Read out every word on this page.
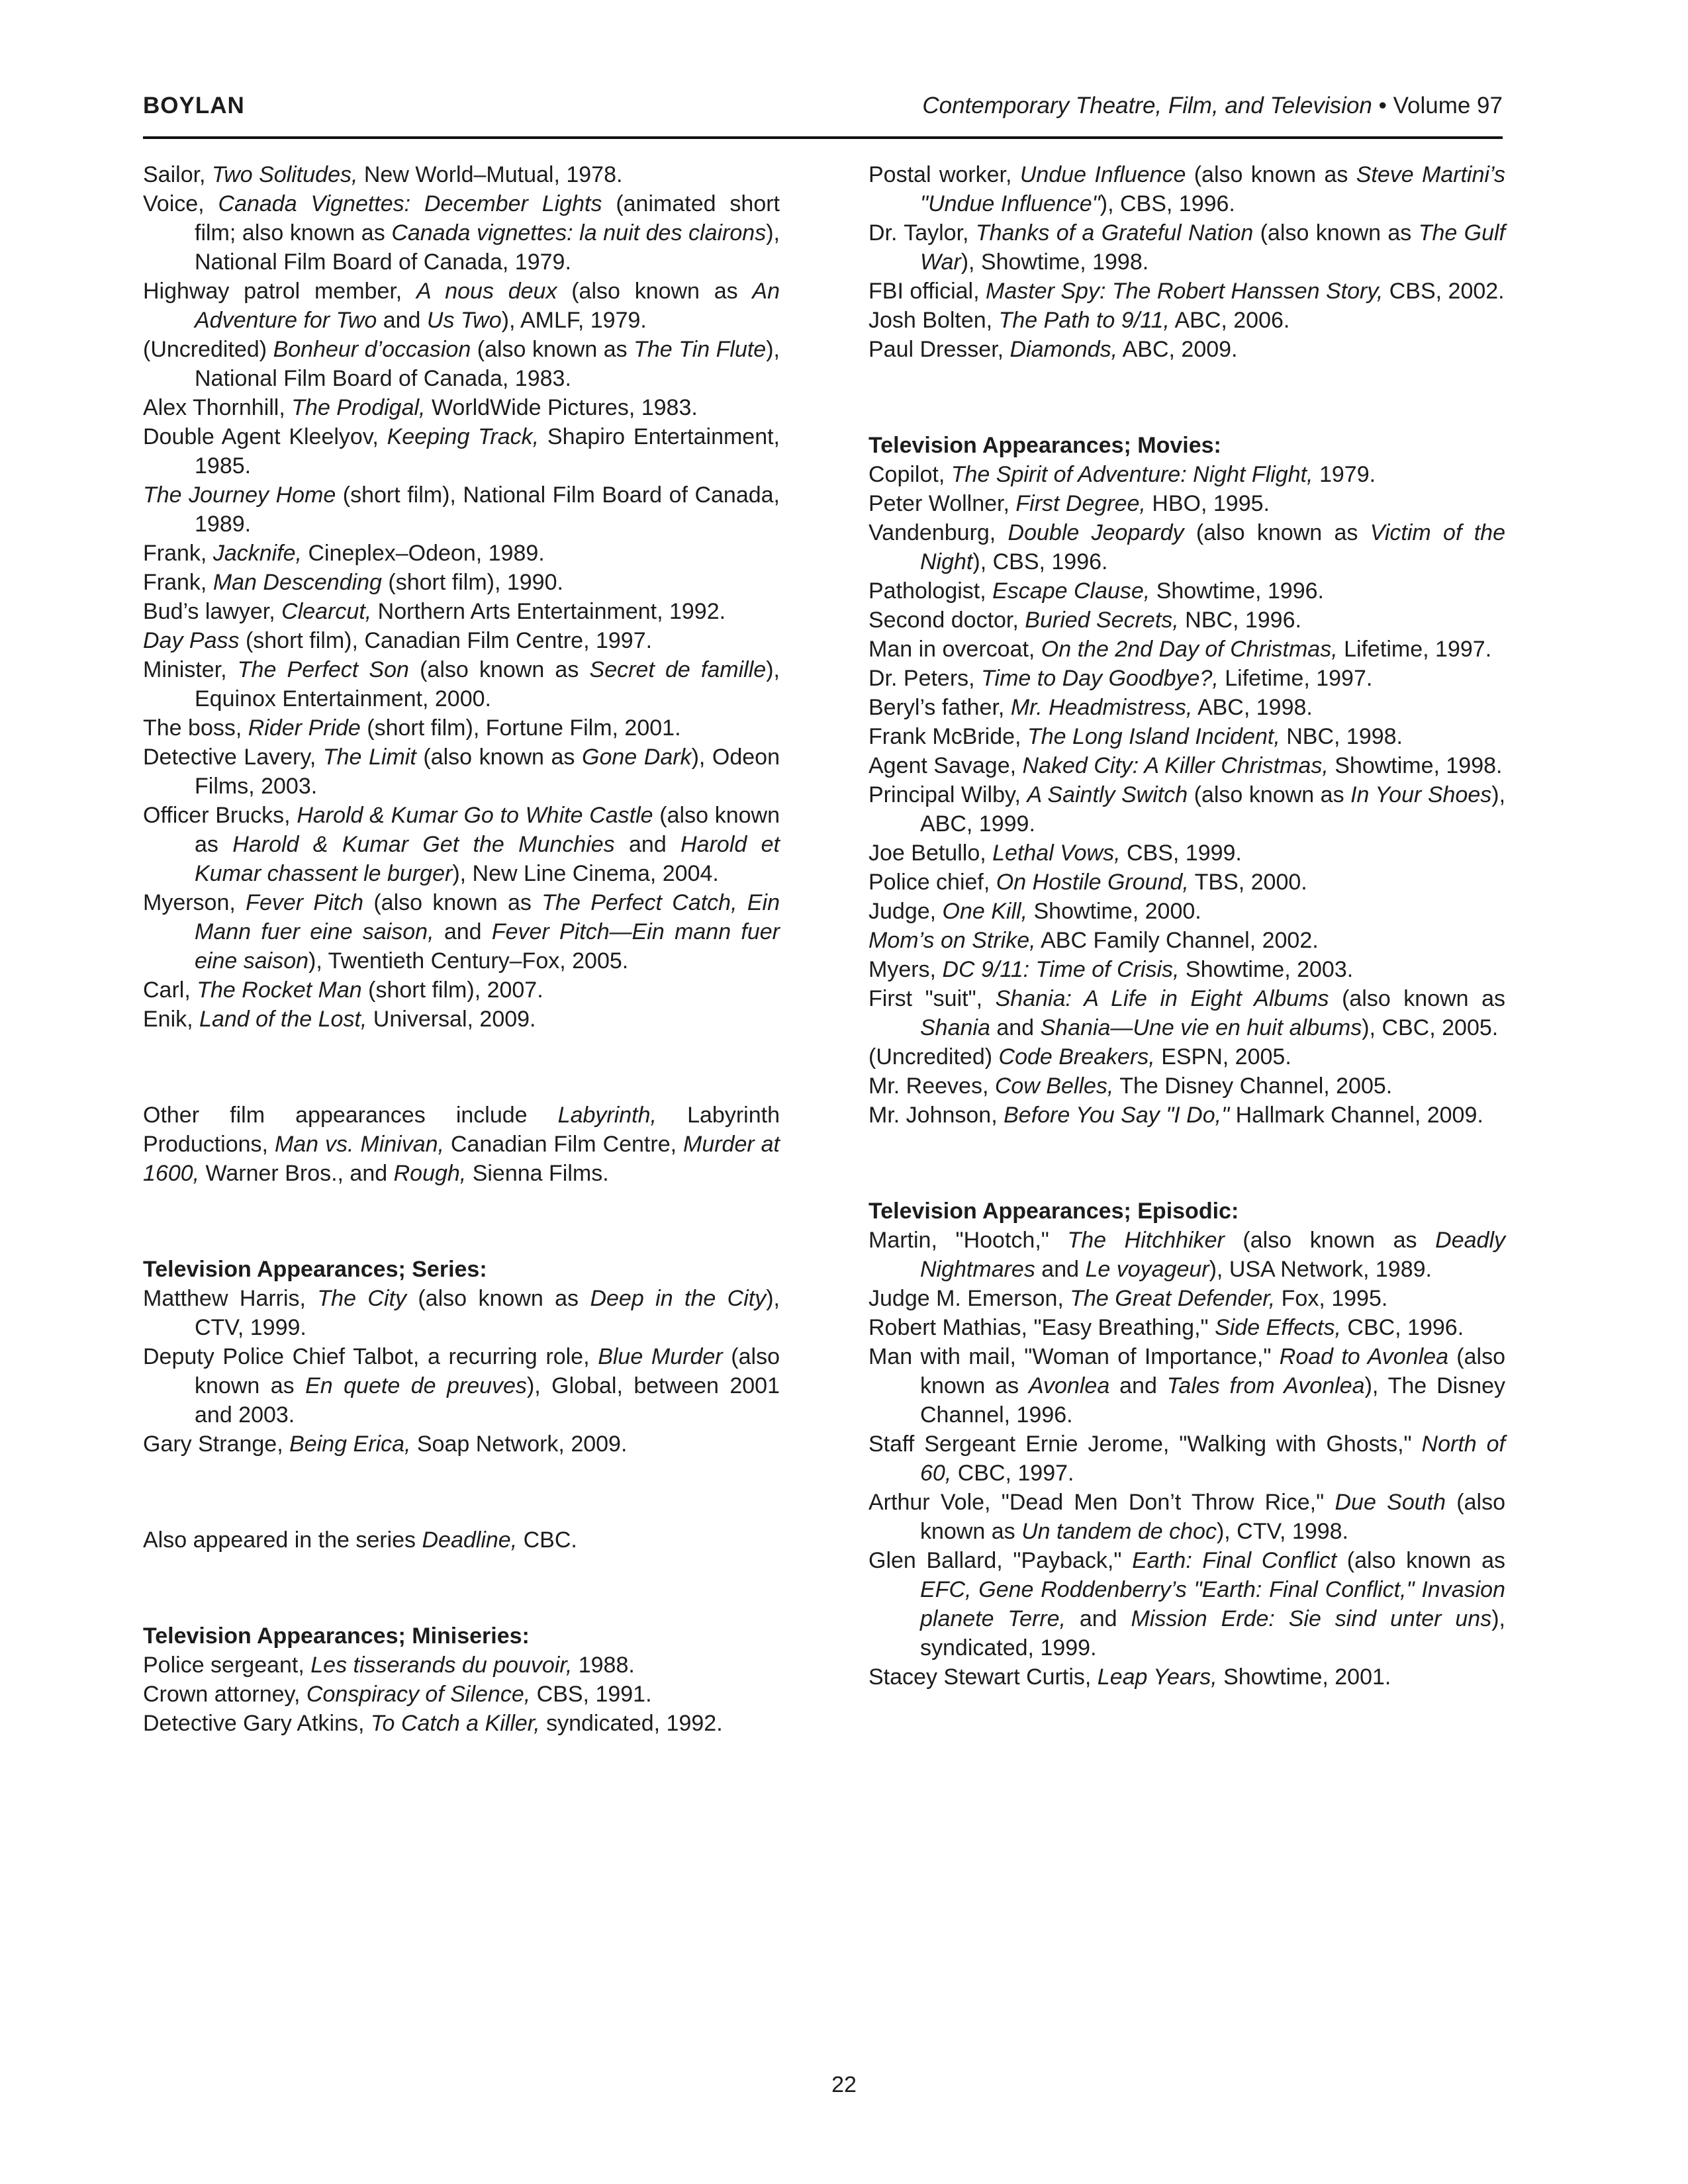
BOYLAN	Contemporary Theatre, Film, and Television • Volume 97
Sailor, Two Solitudes, New World–Mutual, 1978.
Voice, Canada Vignettes: December Lights (animated short film; also known as Canada vignettes: la nuit des clairons), National Film Board of Canada, 1979.
Highway patrol member, A nous deux (also known as An Adventure for Two and Us Two), AMLF, 1979.
(Uncredited) Bonheur d’occasion (also known as The Tin Flute), National Film Board of Canada, 1983.
Alex Thornhill, The Prodigal, WorldWide Pictures, 1983.
Double Agent Kleelyov, Keeping Track, Shapiro Entertainment, 1985.
The Journey Home (short film), National Film Board of Canada, 1989.
Frank, Jacknife, Cineplex–Odeon, 1989.
Frank, Man Descending (short film), 1990.
Bud’s lawyer, Clearcut, Northern Arts Entertainment, 1992.
Day Pass (short film), Canadian Film Centre, 1997.
Minister, The Perfect Son (also known as Secret de famille), Equinox Entertainment, 2000.
The boss, Rider Pride (short film), Fortune Film, 2001.
Detective Lavery, The Limit (also known as Gone Dark), Odeon Films, 2003.
Officer Brucks, Harold & Kumar Go to White Castle (also known as Harold & Kumar Get the Munchies and Harold et Kumar chassent le burger), New Line Cinema, 2004.
Myerson, Fever Pitch (also known as The Perfect Catch, Ein Mann fuer eine saison, and Fever Pitch—Ein mann fuer eine saison), Twentieth Century–Fox, 2005.
Carl, The Rocket Man (short film), 2007.
Enik, Land of the Lost, Universal, 2009.
Other film appearances include Labyrinth, Labyrinth Productions, Man vs. Minivan, Canadian Film Centre, Murder at 1600, Warner Bros., and Rough, Sienna Films.
Television Appearances; Series:
Matthew Harris, The City (also known as Deep in the City), CTV, 1999.
Deputy Police Chief Talbot, a recurring role, Blue Murder (also known as En quete de preuves), Global, between 2001 and 2003.
Gary Strange, Being Erica, Soap Network, 2009.
Also appeared in the series Deadline, CBC.
Television Appearances; Miniseries:
Police sergeant, Les tisserands du pouvoir, 1988.
Crown attorney, Conspiracy of Silence, CBS, 1991.
Detective Gary Atkins, To Catch a Killer, syndicated, 1992.
Postal worker, Undue Influence (also known as Steve Martini’s "Undue Influence"), CBS, 1996.
Dr. Taylor, Thanks of a Grateful Nation (also known as The Gulf War), Showtime, 1998.
FBI official, Master Spy: The Robert Hanssen Story, CBS, 2002.
Josh Bolten, The Path to 9/11, ABC, 2006.
Paul Dresser, Diamonds, ABC, 2009.
Television Appearances; Movies:
Copilot, The Spirit of Adventure: Night Flight, 1979.
Peter Wollner, First Degree, HBO, 1995.
Vandenburg, Double Jeopardy (also known as Victim of the Night), CBS, 1996.
Pathologist, Escape Clause, Showtime, 1996.
Second doctor, Buried Secrets, NBC, 1996.
Man in overcoat, On the 2nd Day of Christmas, Lifetime, 1997.
Dr. Peters, Time to Day Goodbye?, Lifetime, 1997.
Beryl’s father, Mr. Headmistress, ABC, 1998.
Frank McBride, The Long Island Incident, NBC, 1998.
Agent Savage, Naked City: A Killer Christmas, Showtime, 1998.
Principal Wilby, A Saintly Switch (also known as In Your Shoes), ABC, 1999.
Joe Betullo, Lethal Vows, CBS, 1999.
Police chief, On Hostile Ground, TBS, 2000.
Judge, One Kill, Showtime, 2000.
Mom’s on Strike, ABC Family Channel, 2002.
Myers, DC 9/11: Time of Crisis, Showtime, 2003.
First "suit", Shania: A Life in Eight Albums (also known as Shania and Shania—Une vie en huit albums), CBC, 2005.
(Uncredited) Code Breakers, ESPN, 2005.
Mr. Reeves, Cow Belles, The Disney Channel, 2005.
Mr. Johnson, Before You Say "I Do," Hallmark Channel, 2009.
Television Appearances; Episodic:
Martin, "Hootch," The Hitchhiker (also known as Deadly Nightmares and Le voyageur), USA Network, 1989.
Judge M. Emerson, The Great Defender, Fox, 1995.
Robert Mathias, "Easy Breathing," Side Effects, CBC, 1996.
Man with mail, "Woman of Importance," Road to Avonlea (also known as Avonlea and Tales from Avonlea), The Disney Channel, 1996.
Staff Sergeant Ernie Jerome, "Walking with Ghosts," North of 60, CBC, 1997.
Arthur Vole, "Dead Men Don’t Throw Rice," Due South (also known as Un tandem de choc), CTV, 1998.
Glen Ballard, "Payback," Earth: Final Conflict (also known as EFC, Gene Roddenberry’s "Earth: Final Conflict," Invasion planete Terre, and Mission Erde: Sie sind unter uns), syndicated, 1999.
Stacey Stewart Curtis, Leap Years, Showtime, 2001.
22
